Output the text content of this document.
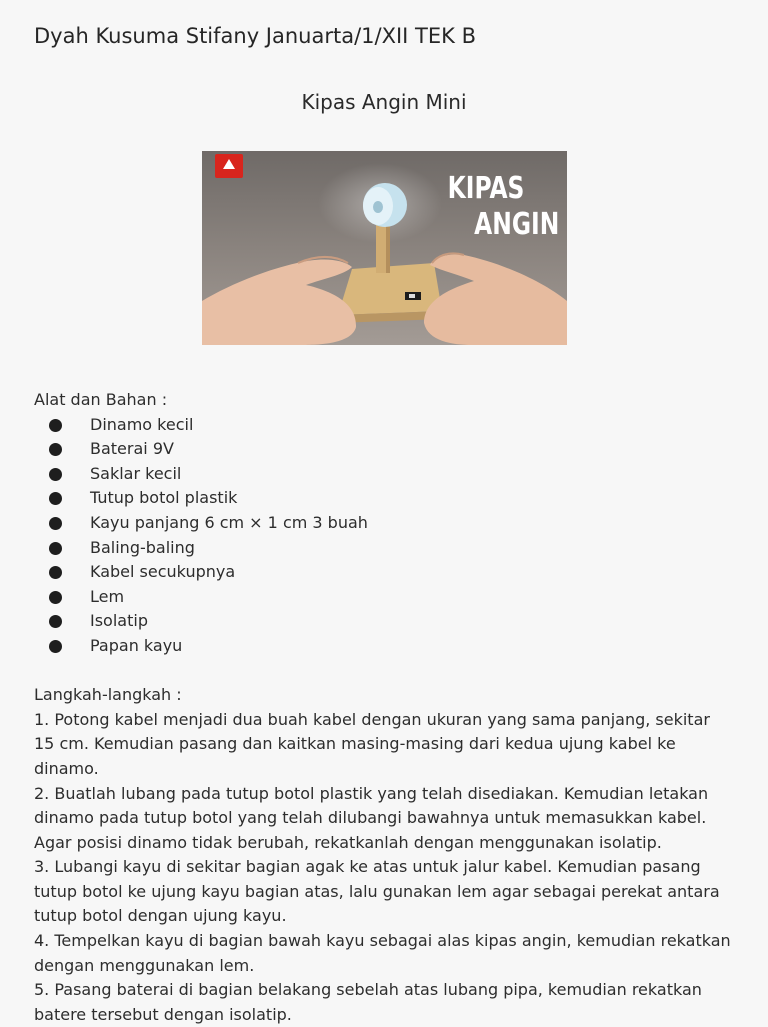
Dyah Kusuma Stifany Januarta/1/XII TEK B
Kipas Angin Mini
KIPAS
ANGIN
Alat dan Bahan :
Dinamo kecil
Baterai 9V
Saklar kecil
Tutup botol plastik
Kayu panjang 6 cm × 1 cm 3 buah
Baling-baling
Kabel secukupnya
Lem
Isolatip
Papan kayu
Langkah-langkah :

1. Potong kabel menjadi dua buah kabel dengan ukuran yang sama panjang, sekitar 15 cm. Kemudian pasang dan kaitkan masing-masing dari kedua ujung kabel ke dinamo.

2. Buatlah lubang pada tutup botol plastik yang telah disediakan. Kemudian letakan dinamo pada tutup botol yang telah dilubangi bawahnya untuk memasukkan kabel. Agar posisi dinamo tidak berubah, rekatkanlah dengan menggunakan isolatip.

3. Lubangi kayu di sekitar bagian agak ke atas untuk jalur kabel. Kemudian pasang tutup botol ke ujung kayu bagian atas, lalu gunakan lem agar sebagai perekat antara tutup botol dengan ujung kayu.

4. Tempelkan kayu di bagian bawah kayu sebagai alas kipas angin, kemudian rekatkan dengan menggunakan lem.

5. Pasang baterai di bagian belakang sebelah atas lubang pipa, kemudian rekatkan batere tersebut dengan isolatip.
